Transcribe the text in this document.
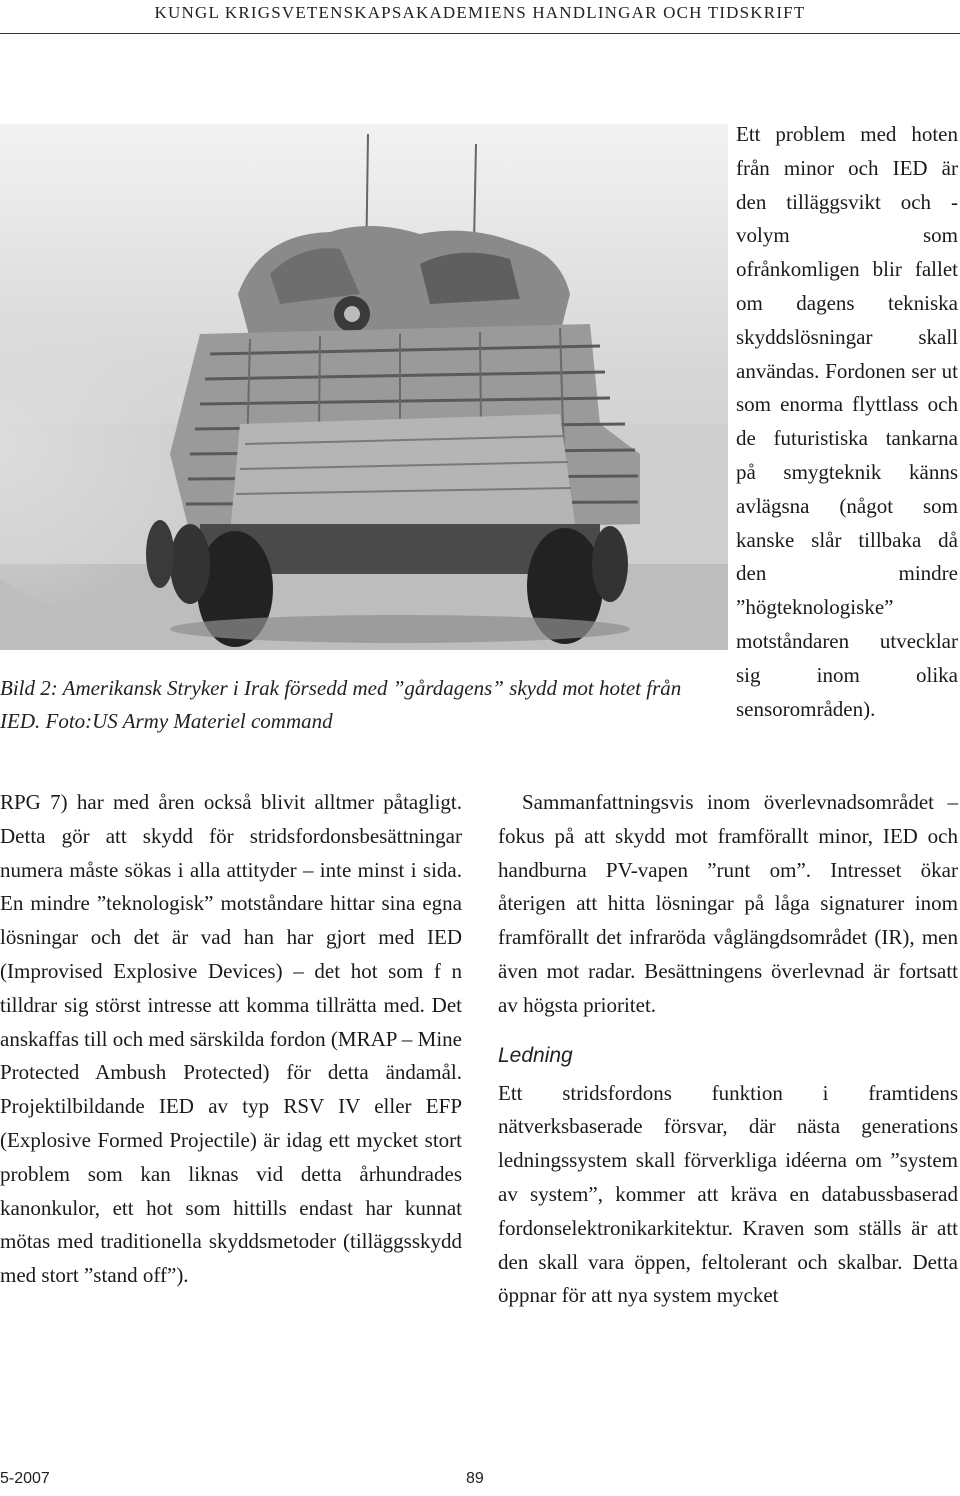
KUNGL KRIGSVETENSKAPSAKADEMIENS HANDLINGAR OCH TIDSKRIFT
Bild 2: Amerikansk Stryker i Irak försedd med ”gårdagens” skydd mot hotet från IED. Foto:US Army Materiel command

Ett problem med hoten från minor och IED är den tilläggsvikt och -volym som ofrånkomligen blir fallet om dagens tekniska skyddslösningar skall användas. Fordonen ser ut som enorma flyttlass och de futuristiska tankarna på smygteknik känns avlägsna (något som kanske slår tillbaka då den mindre ”högteknologiske” motståndaren utvecklar sig inom olika sensorområden).

RPG 7) har med åren också blivit alltmer påtagligt. Detta gör att skydd för stridsfordonsbesättningar numera måste sökas i alla attityder – inte minst i sida. En mindre ”teknologisk” motståndare hittar sina egna lösningar och det är vad han har gjort med IED (Improvised Explosive Devices) – det hot som f n tilldrar sig störst intresse att komma tillrätta med. Det anskaffas till och med särskilda fordon (MRAP – Mine Protected Ambush Protected) för detta ändamål. Projektilbildande IED av typ RSV IV eller EFP (Explosive Formed Projectile) är idag ett mycket stort problem som kan liknas vid detta århundrades kanonkulor, ett hot som hittills endast har kunnat mötas med traditionella skyddsmetoder (tilläggsskydd med stort ”stand off”).

Sammanfattningsvis inom överlevnadsområdet – fokus på att skydd mot framförallt minor, IED och handburna PV-vapen ”runt om”. Intresset ökar återigen att hitta lösningar på låga signaturer inom framförallt det infraröda våglängdsområdet (IR), men även mot radar. Besättningens överlevnad är fortsatt av högsta prioritet.

Ledning

Ett stridsfordons funktion i framtidens nätverksbaserade försvar, där nästa generations ledningssystem skall förverkliga idéerna om ”system av system”, kommer att kräva en databussbaserad fordonselektronikarkitektur. Kraven som ställs är att den skall vara öppen, feltolerant och skalbar. Detta öppnar för att nya system mycket

5-2007	89
